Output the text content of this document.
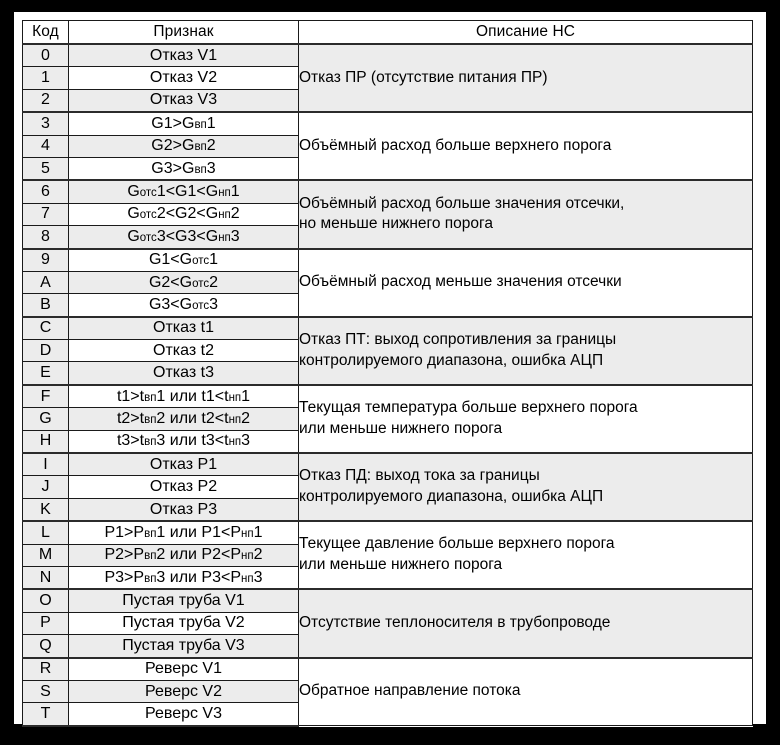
Код	Признак	Описание НС
0	Отказ V1	Отказ ПР (отсутствие питания ПР)

1	Отказ V2	
2	Отказ V3	
3	G1>Gвп1	Объёмный расход больше верхнего порога

4	G2>Gвп2	
5	G3>Gвп3	
6	Gотс1<G1<Gнп1	Объёмный расход больше значения отсечки,
но меньше нижнего порога

7	Gотс2<G2<Gнп2	
8	Gотс3<G3<Gнп3	
9	G1<Gотс1	Объёмный расход меньше значения отсечки

A	G2<Gотс2	
B	G3<Gотс3	
C	Отказ t1	Отказ ПТ: выход сопротивления за границы
контролируемого диапазона, ошибка АЦП

D	Отказ t2	
E	Отказ t3	
F	t1>tвп1 или t1<tнп1	Текущая температура больше верхнего порога
или меньше нижнего порога

G	t2>tвп2 или t2<tнп2	
H	t3>tвп3 или t3<tнп3	
I	Отказ P1	Отказ ПД: выход тока за границы
контролируемого диапазона, ошибка АЦП

J	Отказ P2	
K	Отказ P3	
L	P1>Pвп1 или P1<Pнп1	Текущее давление больше верхнего порога
или меньше нижнего порога

M	P2>Pвп2 или P2<Pнп2	
N	P3>Pвп3 или P3<Pнп3	
O	Пустая труба V1	Отсутствие теплоносителя в трубопроводе

P	Пустая труба V2	
Q	Пустая труба V3	
R	Реверс V1	Обратное направление потока

S	Реверс V2	
T	Реверс V3	
